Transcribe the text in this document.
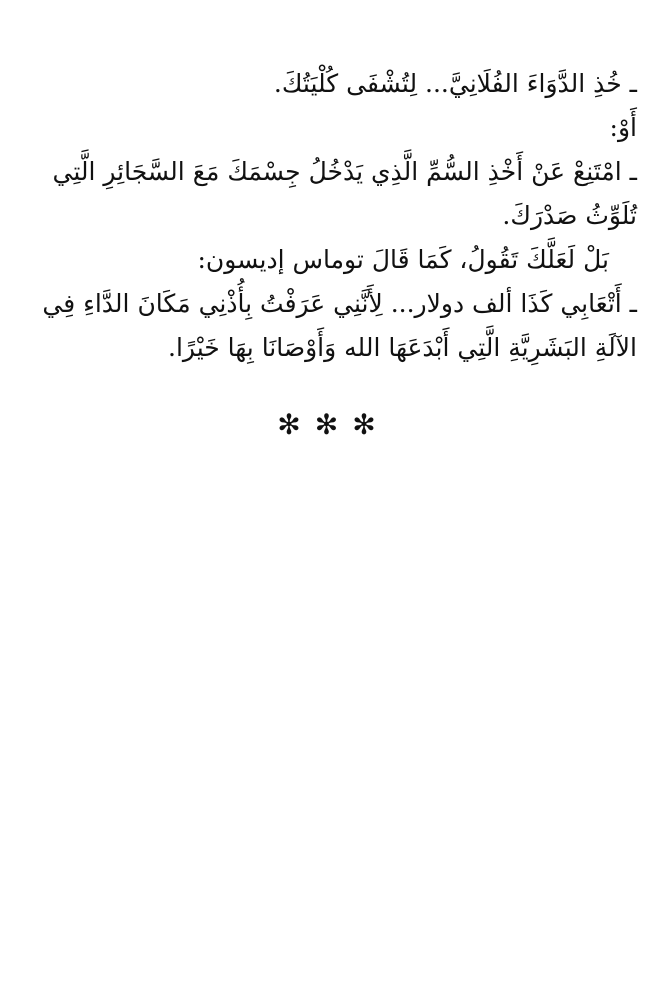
ـ خُذِ الدَّوَاءَ الفُلَانِيَّ... لِتُشْفَى كُلْيَتُكَ.

أَوْ:

ـ امْتَنِعْ عَنْ أَخْذِ السُّمِّ الَّذِي يَدْخُلُ جِسْمَكَ مَعَ السَّجَائِرِ الَّتِي تُلَوِّثُ صَدْرَكَ.

بَلْ لَعَلَّكَ تَقُولُ، كَمَا قَالَ توماس إديسون:

ـ أَتْعَابِي كَذَا ألف دولار... لِأَنَّنِي عَرَفْتُ بِأُذْنِي مَكَانَ الدَّاءِ فِي الآلَةِ البَشَرِيَّةِ الَّتِي أَبْدَعَهَا الله وَأَوْصَانَا بِهَا خَيْرًا.

✻✻✻
